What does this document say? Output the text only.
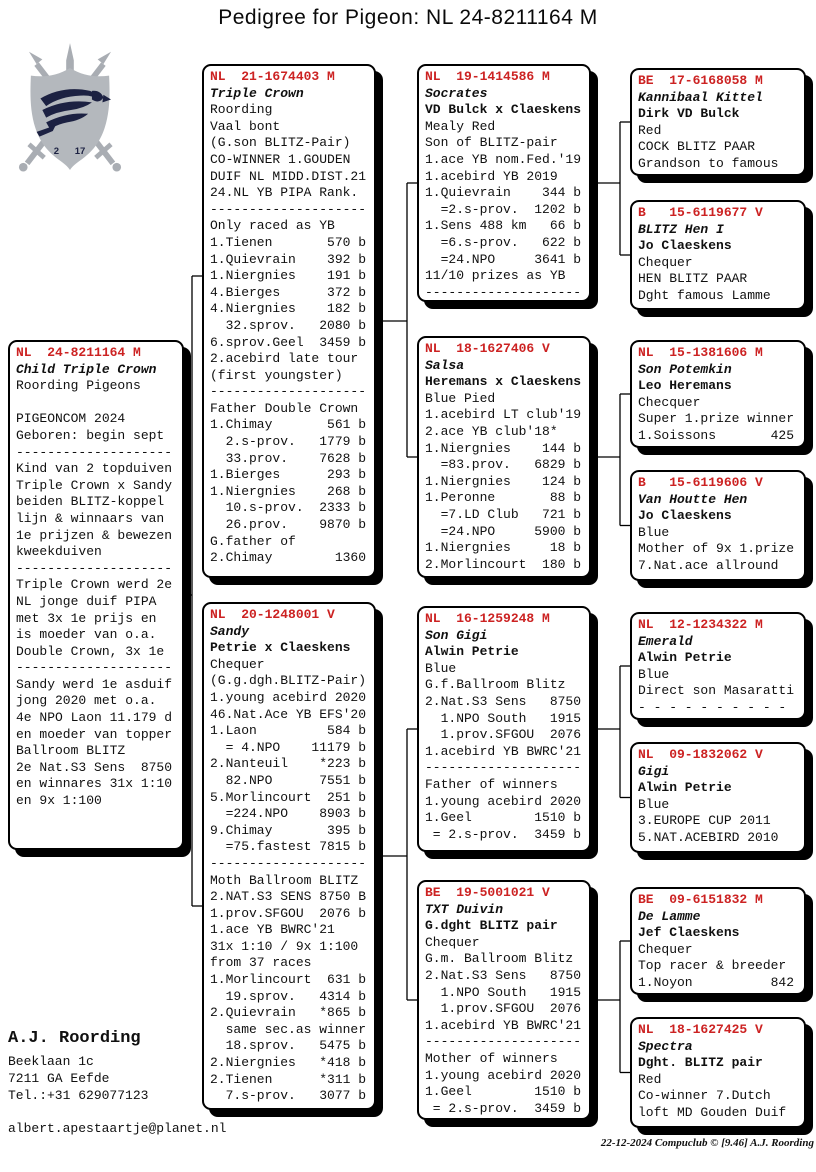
Pedigree for Pigeon: NL 24-8211164 M
2 17
NL  24-8211164 M
Child Triple Crown
Roording Pigeons

PIGEONCOM 2024
Geboren: begin sept
--------------------
Kind van 2 topduiven
Triple Crown x Sandy
beiden BLITZ-koppel
lijn & winnaars van
1e prijzen & bewezen
kweekduiven
--------------------
Triple Crown werd 2e
NL jonge duif PIPA
met 3x 1e prijs en
is moeder van o.a.
Double Crown, 3x 1e
--------------------
Sandy werd 1e asduif
jong 2020 met o.a.
4e NPO Laon 11.179 d
en moeder van topper
Ballroom BLITZ
2e Nat.S3 Sens  8750
en winnares 31x 1:10
en 9x 1:100
NL  21-1674403 M
Triple Crown
Roording
Vaal bont
(G.son BLITZ-Pair)
CO-WINNER 1.GOUDEN
DUIF NL MIDD.DIST.21
24.NL YB PIPA Rank.
--------------------
Only raced as YB
1.Tienen       570 b
1.Quievrain    392 b
1.Niergnies    191 b
4.Bierges      372 b
4.Niergnies    182 b
32.sprov.   2080 b
6.sprov.Geel  3459 b
2.acebird late tour
(first youngster)
--------------------
Father Double Crown
1.Chimay       561 b
2.s-prov.   1779 b
33.prov.    7628 b
1.Bierges      293 b
1.Niergnies    268 b
10.s-prov.  2333 b
26.prov.    9870 b
G.father of
2.Chimay        1360
NL  20-1248001 V
Sandy
Petrie x Claeskens
Chequer
(G.g.dgh.BLITZ-Pair)
1.young acebird 2020
46.Nat.Ace YB EFS'20
1.Laon         584 b
= 4.NPO    11179 b
2.Nanteuil    *223 b
82.NPO      7551 b
5.Morlincourt  251 b
=224.NPO    8903 b
9.Chimay       395 b
=75.fastest 7815 b
--------------------
Moth Ballroom BLITZ
2.NAT.S3 SENS 8750 B
1.prov.SFGOU  2076 b
1.ace YB BWRC'21
31x 1:10 / 9x 1:100
from 37 races
1.Morlincourt  631 b
19.sprov.   4314 b
2.Quievrain   *865 b
same sec.as winner
18.sprov.   5475 b
2.Niergnies   *418 b
2.Tienen      *311 b
7.s-prov.   3077 b
NL  19-1414586 M
Socrates
VD Bulck x Claeskens
Mealy Red
Son of BLITZ-pair
1.ace YB nom.Fed.'19
1.acebird YB 2019
1.Quievrain    344 b
=2.s-prov.  1202 b
1.Sens 488 km   66 b
=6.s-prov.   622 b
=24.NPO     3641 b
11/10 prizes as YB
--------------------
NL  18-1627406 V
Salsa
Heremans x Claeskens
Blue Pied
1.acebird LT club'19
2.ace YB club'18*
1.Niergnies    144 b
=83.prov.   6829 b
1.Niergnies    124 b
1.Peronne       88 b
=7.LD Club   721 b
=24.NPO     5900 b
1.Niergnies     18 b
2.Morlincourt  180 b
NL  16-1259248 M
Son Gigi
Alwin Petrie
Blue
G.f.Ballroom Blitz
2.Nat.S3 Sens   8750
1.NPO South   1915
1.prov.SFGOU  2076
1.acebird YB BWRC'21
--------------------
Father of winners
1.young acebird 2020
1.Geel        1510 b
= 2.s-prov.  3459 b
BE  19-5001021 V
TXT Duivin
G.dght BLITZ pair
Chequer
G.m. Ballroom Blitz
2.Nat.S3 Sens   8750
1.NPO South   1915
1.prov.SFGOU  2076
1.acebird YB BWRC'21
--------------------
Mother of winners
1.young acebird 2020
1.Geel        1510 b
= 2.s-prov.  3459 b
BE  17-6168058 M
Kannibaal Kittel
Dirk VD Bulck
Red
COCK BLITZ PAAR
Grandson to famous
B   15-6119677 V
BLITZ Hen I
Jo Claeskens
Chequer
HEN BLITZ PAAR
Dght famous Lamme
NL  15-1381606 M
Son Potemkin
Leo Heremans
Checquer
Super 1.prize winner
1.Soissons       425
B   15-6119606 V
Van Houtte Hen
Jo Claeskens
Blue
Mother of 9x 1.prize
7.Nat.ace allround
NL  12-1234322 M
Emerald
Alwin Petrie
Blue
Direct son Masaratti
- - - - - - - - - -
NL  09-1832062 V
Gigi
Alwin Petrie
Blue
3.EUROPE CUP 2011
5.NAT.ACEBIRD 2010
BE  09-6151832 M
De Lamme
Jef Claeskens
Chequer
Top racer & breeder
1.Noyon          842
NL  18-1627425 V
Spectra
Dght. BLITZ pair
Red
Co-winner 7.Dutch
loft MD Gouden Duif
A.J. Roording
Beeklaan 1c
7211 GA Eefde
Tel.:+31 629077123
albert.apestaartje@planet.nl
22-12-2024 Compuclub © [9.46] A.J. Roording
